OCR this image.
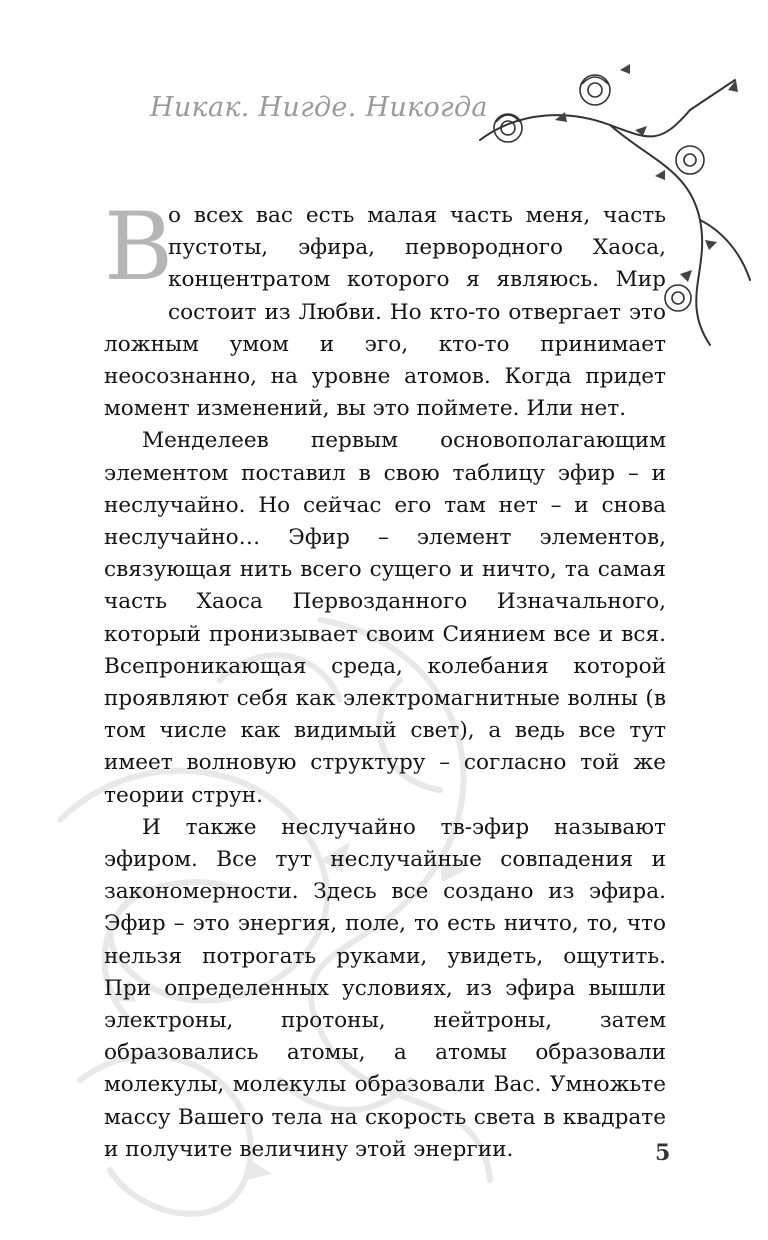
Никак. Нигде. Никогда
В

о всех вас есть малая часть меня, часть пустоты, эфира, первородного Хаоса, концентратом которого я являюсь. Мир состоит из Любви. Но кто-то отвергает это ложным умом и эго, кто-то принимает неосознанно, на уровне атомов. Когда придет момент изменений, вы это поймете. Или нет.

Менделеев первым основополагающим элементом поставил в свою таблицу эфир – и неслучайно. Но сейчас его там нет – и снова неслучайно… Эфир – элемент элементов, связующая нить всего сущего и ничто, та самая часть Хаоса Первозданного Изначального, который пронизывает своим Сиянием все и вся. Всепроникающая среда, колебания которой проявляют себя как электромагнитные волны (в том числе как видимый свет), а ведь все тут имеет волновую структуру – согласно той же теории струн.

И также неслучайно тв-эфир называют эфиром. Все тут неслучайные совпадения и закономерности. Здесь все создано из эфира. Эфир – это энергия, поле, то есть ничто, то, что нельзя потрогать руками, увидеть, ощутить. При определенных условиях, из эфира вышли электроны, протоны, нейтроны, затем образовались атомы, а атомы образовали молекулы, молекулы образовали Вас. Умножьте массу Вашего тела на скорость света в квадрате и получите величину этой энергии.	5
